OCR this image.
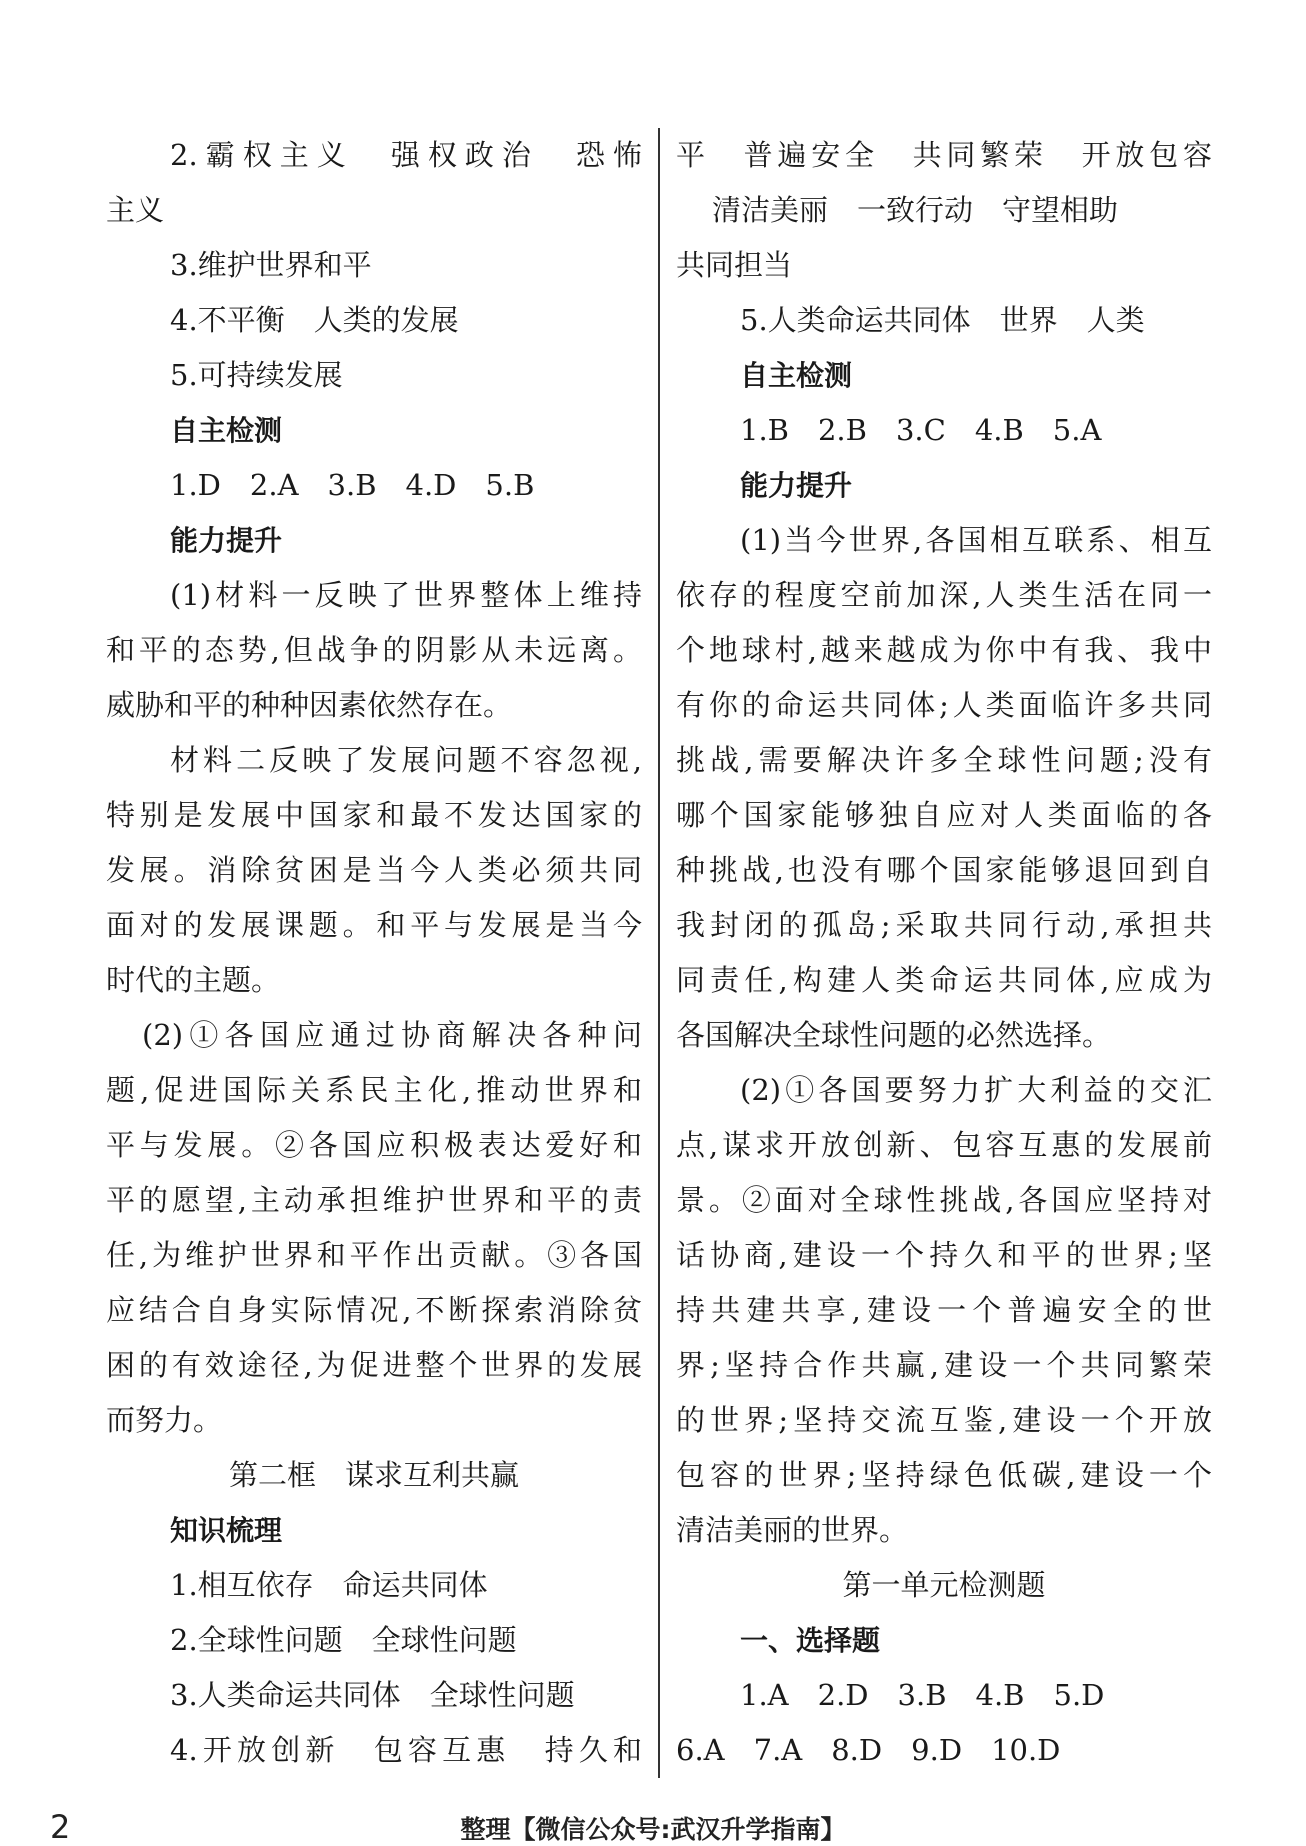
2.霸权主义　强权政治　恐怖
主义
3.维护世界和平
4.不平衡　人类的发展
5.可持续发展
自主检测
1.D　2.A　3.B　4.D　5.B
能力提升
(1)材料一反映了世界整体上维持
和平的态势,但战争的阴影从未远离。
威胁和平的种种因素依然存在。
材料二反映了发展问题不容忽视,
特别是发展中国家和最不发达国家的
发展。消除贫困是当今人类必须共同
面对的发展课题。和平与发展是当今
时代的主题。
(2)①各国应通过协商解决各种问
题,促进国际关系民主化,推动世界和
平与发展。②各国应积极表达爱好和
平的愿望,主动承担维护世界和平的责
任,为维护世界和平作出贡献。③各国
应结合自身实际情况,不断探索消除贫
困的有效途径,为促进整个世界的发展
而努力。
第二框　谋求互利共赢
知识梳理
1.相互依存　命运共同体
2.全球性问题　全球性问题
3.人类命运共同体　全球性问题
4.开放创新　包容互惠　持久和
平　普遍安全　共同繁荣　开放包容
清洁美丽　一致行动　守望相助
共同担当
5.人类命运共同体　世界　人类
自主检测
1.B　2.B　3.C　4.B　5.A
能力提升
(1)当今世界,各国相互联系、相互
依存的程度空前加深,人类生活在同一
个地球村,越来越成为你中有我、我中
有你的命运共同体;人类面临许多共同
挑战,需要解决许多全球性问题;没有
哪个国家能够独自应对人类面临的各
种挑战,也没有哪个国家能够退回到自
我封闭的孤岛;采取共同行动,承担共
同责任,构建人类命运共同体,应成为
各国解决全球性问题的必然选择。
(2)①各国要努力扩大利益的交汇
点,谋求开放创新、包容互惠的发展前
景。②面对全球性挑战,各国应坚持对
话协商,建设一个持久和平的世界;坚
持共建共享,建设一个普遍安全的世
界;坚持合作共赢,建设一个共同繁荣
的世界;坚持交流互鉴,建设一个开放
包容的世界;坚持绿色低碳,建设一个
清洁美丽的世界。
第一单元检测题
一、选择题
1.A　2.D　3.B　4.B　5.D
6.A　7.A　8.D　9.D　10.D
2	整理【微信公众号:武汉升学指南】
